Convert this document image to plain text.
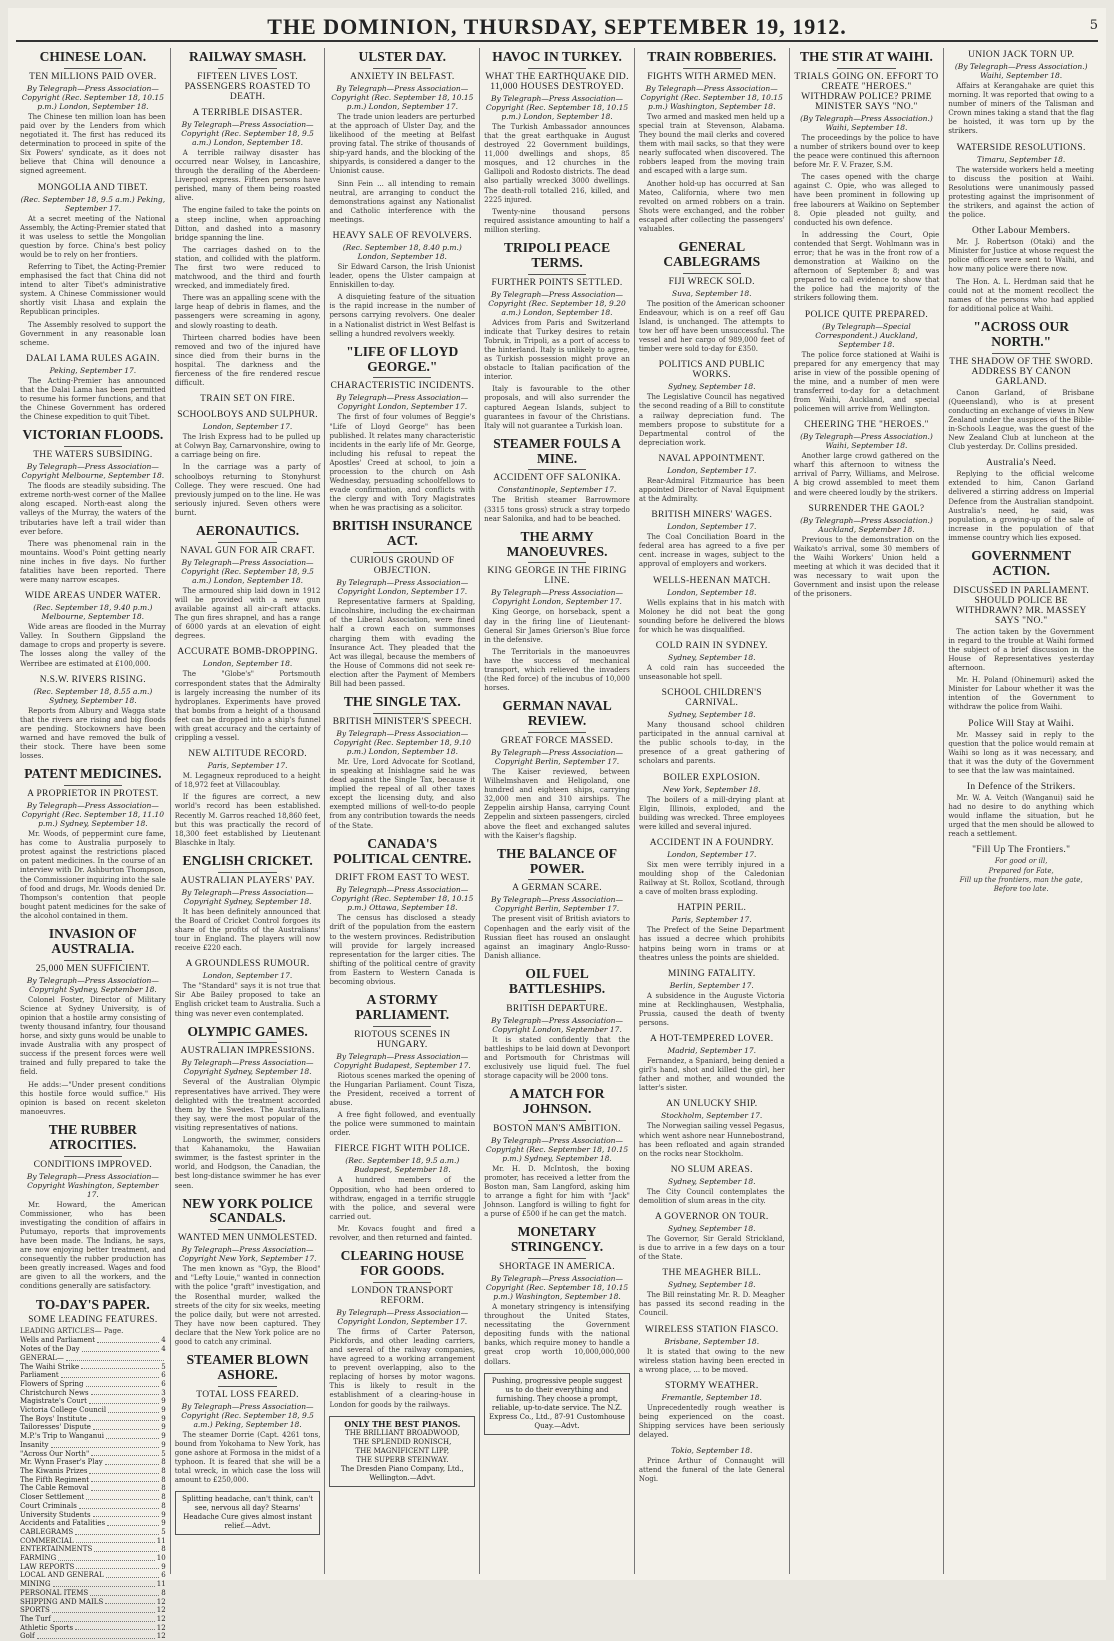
THE DOMINION, THURSDAY, SEPTEMBER 19, 1912.	5
CHINESE LOAN.
TEN MILLIONS PAID OVER.
By Telegraph—Press Association—Copyright (Rec. September 18, 10.15 p.m.) London, September 18.

The Chinese ten million loan has been paid over by the Lenders from which negotiated it. The first has reduced its determination to proceed in spite of the Six Powers' syndicate, as it does not believe that China will denounce a signed agreement.

MONGOLIA AND TIBET.
(Rec. September 18, 9.5 a.m.) Peking, September 17.

At a secret meeting of the National Assembly, the Acting-Premier stated that it was useless to settle the Mongolian question by force. China's best policy would be to rely on her frontiers.

Referring to Tibet, the Acting-Premier emphasised the fact that China did not intend to alter Tibet's administrative system. A Chinese Commissioner would shortly visit Lhasa and explain the Republican principles.

The Assembly resolved to support the Government in any reasonable loan scheme.

DALAI LAMA RULES AGAIN.
Peking, September 17.

The Acting-Premier has announced that the Dalai Lama has been permitted to resume his former functions, and that the Chinese Government has ordered the Chinese expedition to quit Tibet.

VICTORIAN FLOODS.
THE WATERS SUBSIDING.
By Telegraph—Press Association—Copyright Melbourne, September 18.

The floods are steadily subsiding. The extreme north-west corner of the Mallee along escaped. North-east along the valleys of the Murray, the waters of the tributaries have left a trail wider than ever before.

There was phenomenal rain in the mountains. Wood's Point getting nearly nine inches in five days. No further fatalities have been reported. There were many narrow escapes.

WIDE AREAS UNDER WATER.
(Rec. September 18, 9.40 p.m.) Melbourne, September 18.

Wide areas are flooded in the Murray Valley. In Southern Gippsland the damage to crops and property is severe. The losses along the valley of the Werribee are estimated at £100,000.

N.S.W. RIVERS RISING.
(Rec. September 18, 8.55 a.m.) Sydney, September 18.

Reports from Albury and Wagga state that the rivers are rising and big floods are pending. Stockowners have been warned and have removed the bulk of their stock. There have been some losses.

PATENT MEDICINES.
A PROPRIETOR IN PROTEST.
By Telegraph—Press Association—Copyright (Rec. September 18, 11.10 p.m.) Sydney, September 18.

Mr. Woods, of peppermint cure fame, has come to Australia purposely to protest against the restrictions placed on patent medicines. In the course of an interview with Dr. Ashburton Thompson, the Commissioner inquiring into the sale of food and drugs, Mr. Woods denied Dr. Thompson's contention that people bought patent medicines for the sake of the alcohol contained in them.

INVASION OF AUSTRALIA.
25,000 MEN SUFFICIENT.
By Telegraph—Press Association—Copyright Sydney, September 18.

Colonel Foster, Director of Military Science at Sydney University, is of opinion that a hostile army consisting of twenty thousand infantry, four thousand horse, and sixty guns would be unable to invade Australia with any prospect of success if the present forces were well trained and fully prepared to take the field.

He adds:—"Under present conditions this hostile force would suffice." His opinion is based on recent skeleton manoeuvres.

THE RUBBER ATROCITIES.
CONDITIONS IMPROVED.
By Telegraph—Press Association—Copyright Washington, September 17.

Mr. Howard, the American Commissioner, who has been investigating the condition of affairs in Putumayo, reports that improvements have been made. The Indians, he says, are now enjoying better treatment, and consequently the rubber production has been greatly increased. Wages and food are given to all the workers, and the conditions generally are satisfactory.

TO-DAY'S PAPER.
SOME LEADING FEATURES.
LEADING ARTICLES— Page.
Wells and Parliament	4
Notes of the Day	4
GENERAL—
The Waihi Strike	5
Parliament	6
Flowers of Spring	6
Christchurch News	3
Magistrate's Court	9
Victoria College Council	9
The Boys' Institute	9
Tailoresses' Dispute	9
M.P.'s Trip to Wanganui	9
Insanity	9
"Across Our North"	5
Mr. Wynn Fraser's Play	8
The Kiwanis Prizes	8
The Fifth Regiment	8
The Cable Removal	8
Closer Settlement	8
Court Criminals	8
University Students	9
Accidents and Fatalities	9
CABLEGRAMS	5
COMMERCIAL	11
ENTERTAINMENTS	8
FARMING	10
LAW REPORTS	9
LOCAL AND GENERAL	6
MINING	11
PERSONAL ITEMS	8
SHIPPING AND MAILS	12
SPORTS	12
The Turf	12
Athletic Sports	12
Golf	12
RAILWAY SMASH.
FIFTEEN LIVES LOST. PASSENGERS ROASTED TO DEATH.
A TERRIBLE DISASTER.
By Telegraph—Press Association—Copyright (Rec. September 18, 9.5 a.m.) London, September 18.

A terrible railway disaster has occurred near Wolsey, in Lancashire, through the derailing of the Aberdeen-Liverpool express. Fifteen persons have perished, many of them being roasted alive.

The engine failed to take the points on a steep incline, when approaching Ditton, and dashed into a masonry bridge spanning the line.

The carriages dashed on to the station, and collided with the platform. The first two were reduced to matchwood, and the third and fourth wrecked, and immediately fired.

There was an appalling scene with the large heap of debris in flames, and the passengers were screaming in agony, and slowly roasting to death.

Thirteen charred bodies have been removed and two of the injured have since died from their burns in the hospital. The darkness and the fierceness of the fire rendered rescue difficult.

TRAIN SET ON FIRE.
SCHOOLBOYS AND SULPHUR.
London, September 17.

The Irish Express had to be pulled up at Colwyn Bay, Carnarvonshire, owing to a carriage being on fire.

In the carriage was a party of schoolboys returning to Stonyhurst College. They were rescued. One had previously jumped on to the line. He was seriously injured. Seven others were burnt.

AERONAUTICS.
NAVAL GUN FOR AIR CRAFT.
By Telegraph—Press Association—Copyright (Rec. September 18, 9.5 a.m.) London, September 18.

The armoured ship laid down in 1912 will be provided with a new gun available against all air-craft attacks. The gun fires shrapnel, and has a range of 6000 yards at an elevation of eight degrees.

ACCURATE BOMB-DROPPING.
London, September 18.

The "Globe's" Portsmouth correspondent states that the Admiralty is largely increasing the number of its hydroplanes. Experiments have proved that bombs from a height of a thousand feet can be dropped into a ship's funnel with great accuracy and the certainty of crippling a vessel.

NEW ALTITUDE RECORD.
Paris, September 17.

M. Legagneux reproduced to a height of 18,972 feet at Villacoublay.

If the figures are correct, a new world's record has been established. Recently M. Garros reached 18,860 feet, but this was practically the record of 18,300 feet established by Lieutenant Blaschke in Italy.

ENGLISH CRICKET.
AUSTRALIAN PLAYERS' PAY.
By Telegraph—Press Association—Copyright Sydney, September 18.

It has been definitely announced that the Board of Cricket Control forgoes its share of the profits of the Australians' tour in England. The players will now receive £220 each.

A GROUNDLESS RUMOUR.
London, September 17.

The "Standard" says it is not true that Sir Abe Bailey proposed to take an English cricket team to Australia. Such a thing was never even contemplated.

OLYMPIC GAMES.
AUSTRALIAN IMPRESSIONS.
By Telegraph—Press Association—Copyright Sydney, September 18.

Several of the Australian Olympic representatives have arrived. They were delighted with the treatment accorded them by the Swedes. The Australians, they say, were the most popular of the visiting representatives of nations.

Longworth, the swimmer, considers that Kahanamoku, the Hawaiian swimmer, is the fastest sprinter in the world, and Hodgson, the Canadian, the best long-distance swimmer he has ever seen.

NEW YORK POLICE SCANDALS.
WANTED MEN UNMOLESTED.
By Telegraph—Press Association—Copyright New York, September 17.

The men known as "Gyp, the Blood" and "Lefty Louie," wanted in connection with the police "graft" investigation, and the Rosenthal murder, walked the streets of the city for six weeks, meeting the police daily, but were not arrested. They have now been captured. They declare that the New York police are no good to catch any criminal.

STEAMER BLOWN ASHORE.
TOTAL LOSS FEARED.
By Telegraph—Press Association—Copyright (Rec. September 18, 9.5 a.m.) Peking, September 18.

The steamer Dorrie (Capt. 4261 tons, bound from Yokohama to New York, has gone ashore at Formosa in the midst of a typhoon. It is feared that she will be a total wreck, in which case the loss will amount to £250,000.

Splitting headache, can't think, can't see, nervous all day? Stearns' Headache Cure gives almost instant relief.—Advt.
ULSTER DAY.
ANXIETY IN BELFAST.
By Telegraph—Press Association—Copyright (Rec. September 18, 10.15 p.m.) London, September 17.

The trade union leaders are perturbed at the approach of Ulster Day, and the likelihood of the meeting at Belfast proving fatal. The strike of thousands of ship-yard hands, and the blocking of the shipyards, is considered a danger to the Unionist cause.

Sinn Fein ... all intending to remain neutral, are arranging to conduct the demonstrations against any Nationalist and Catholic interference with the meetings.

HEAVY SALE OF REVOLVERS.
(Rec. September 18, 8.40 p.m.) London, September 18.

Sir Edward Carson, the Irish Unionist leader, opens the Ulster campaign at Enniskillen to-day.

A disquieting feature of the situation is the rapid increase in the number of persons carrying revolvers. One dealer in a Nationalist district in West Belfast is selling a hundred revolvers weekly.

"LIFE OF LLOYD GEORGE."
CHARACTERISTIC INCIDENTS.
By Telegraph—Press Association—Copyright London, September 17.

The first of four volumes of Beggie's "Life of Lloyd George" has been published. It relates many characteristic incidents in the early life of Mr. George, including his refusal to repeat the Apostles' Creed at school, to join a procession to the church on Ash Wednesday, persuading schoolfellows to evade confirmation, and conflicts with the clergy and with Tory Magistrates when he was practising as a solicitor.

BRITISH INSURANCE ACT.
CURIOUS GROUND OF OBJECTION.
By Telegraph—Press Association—Copyright London, September 17.

Representative farmers at Spalding, Lincolnshire, including the ex-chairman of the Liberal Association, were fined half a crown each on summonses charging them with evading the Insurance Act. They pleaded that the Act was illegal, because the members of the House of Commons did not seek re-election after the Payment of Members Bill had been passed.

THE SINGLE TAX.
BRITISH MINISTER'S SPEECH.
By Telegraph—Press Association—Copyright (Rec. September 18, 9.10 p.m.) London, September 18.

Mr. Ure, Lord Advocate for Scotland, in speaking at Inishlagne said he was dead against the Single Tax, because it implied the repeal of all other taxes except the licensing duty, and also exempted millions of well-to-do people from any contribution towards the needs of the State.

CANADA'S POLITICAL CENTRE.
DRIFT FROM EAST TO WEST.
By Telegraph—Press Association—Copyright (Rec. September 18, 10.15 p.m.) Ottawa, September 18.

The census has disclosed a steady drift of the population from the eastern to the western provinces. Redistribution will provide for largely increased representation for the larger cities. The shifting of the political centre of gravity from Eastern to Western Canada is becoming obvious.

A STORMY PARLIAMENT.
RIOTOUS SCENES IN HUNGARY.
By Telegraph—Press Association—Copyright Budapest, September 17.

Riotous scenes marked the opening of the Hungarian Parliament. Count Tisza, the President, received a torrent of abuse.

A free fight followed, and eventually the police were summoned to maintain order.

FIERCE FIGHT WITH POLICE.
(Rec. September 18, 9.5 a.m.) Budapest, September 18.

A hundred members of the Opposition, who had been ordered to withdraw, engaged in a terrific struggle with the police, and several were carried out.

Mr. Kovacs fought and fired a revolver, and then returned and fainted.

CLEARING HOUSE FOR GOODS.
LONDON TRANSPORT REFORM.
By Telegraph—Press Association—Copyright London, September 17.

The firms of Carter Paterson, Pickfords, and other leading carriers, and several of the railway companies, have agreed to a working arrangement to prevent overlapping, also to the replacing of horses by motor wagons. This is likely to result in the establishment of a clearing-house in London for goods by the railways.

ONLY THE BEST PIANOS.
THE BRILLIANT BROADWOOD,
THE SPLENDID RONISCH,
THE MAGNIFICENT LIPP,
THE SUPERB STEINWAY.
The Dresden Piano Company, Ltd., Wellington.—Advt.
HAVOC IN TURKEY.
WHAT THE EARTHQUAKE DID. 11,000 HOUSES DESTROYED.
By Telegraph—Press Association—Copyright (Rec. September 18, 10.15 p.m.) London, September 18.

The Turkish Ambassador announces that the great earthquake in August destroyed 22 Government buildings, 11,000 dwellings and shops, 85 mosques, and 12 churches in the Gallipoli and Rodosto districts. The dead also partially wrecked 3000 dwellings. The death-roll totalled 216, killed, and 2225 injured.

Twenty-nine thousand persons required assistance amounting to half a million sterling.

TRIPOLI PEACE TERMS.
FURTHER POINTS SETTLED.
By Telegraph—Press Association—Copyright (Rec. September 18, 9.20 a.m.) London, September 18.

Advices from Paris and Switzerland indicate that Turkey desires to retain Tobruk, in Tripoli, as a port of access to the hinterland. Italy is unlikely to agree, as Turkish possession might prove an obstacle to Italian pacification of the interior.

Italy is favourable to the other proposals, and will also surrender the captured Aegean Islands, subject to guarantees in favour of the Christians. Italy will not guarantee a Turkish loan.

STEAMER FOULS A MINE.
ACCIDENT OFF SALONIKA.
Constantinople, September 17.

The British steamer Barrowmore (3315 tons gross) struck a stray torpedo near Salonika, and had to be beached.

THE ARMY MANOEUVRES.
KING GEORGE IN THE FIRING LINE.
By Telegraph—Press Association—Copyright London, September 17.

King George, on horseback, spent a day in the firing line of Lieutenant-General Sir James Grierson's Blue force in the defensive.

The Territorials in the manoeuvres have the success of mechanical transport, which relieved the invaders (the Red force) of the incubus of 10,000 horses.

GERMAN NAVAL REVIEW.
GREAT FORCE MASSED.
By Telegraph—Press Association—Copyright Berlin, September 17.

The Kaiser reviewed, between Wilhelmshaven and Heligoland, one hundred and eighteen ships, carrying 32,000 men and 310 airships. The Zeppelin airship Hansa, carrying Count Zeppelin and sixteen passengers, circled above the fleet and exchanged salutes with the Kaiser's flagship.

THE BALANCE OF POWER.
A GERMAN SCARE.
By Telegraph—Press Association—Copyright Berlin, September 17.

The present visit of British aviators to Copenhagen and the early visit of the Russian fleet has roused an onslaught against an imaginary Anglo-Russo-Danish alliance.

OIL FUEL BATTLESHIPS.
BRITISH DEPARTURE.
By Telegraph—Press Association—Copyright London, September 17.

It is stated confidently that the battleships to be laid down at Devonport and Portsmouth for Christmas will exclusively use liquid fuel. The fuel storage capacity will be 2000 tons.

A MATCH FOR JOHNSON.
BOSTON MAN'S AMBITION.
By Telegraph—Press Association—Copyright (Rec. September 18, 10.15 p.m.) Sydney, September 18.

Mr. H. D. McIntosh, the boxing promoter, has received a letter from the Boston man, Sam Langford, asking him to arrange a fight for him with "Jack" Johnson. Langford is willing to fight for a purse of £500 if he can get the match.

MONETARY STRINGENCY.
SHORTAGE IN AMERICA.
By Telegraph—Press Association—Copyright (Rec. September 18, 10.15 p.m.) Washington, September 18.

A monetary stringency is intensifying throughout the United States, necessitating the Government depositing funds with the national banks, which require money to handle a great crop worth 10,000,000,000 dollars.

Pushing, progressive people suggest us to do their everything and furnishing. They choose a prompt, reliable, up-to-date service. The N.Z. Express Co., Ltd., 87-91 Customhouse Quay.—Advt.
TRAIN ROBBERIES.
FIGHTS WITH ARMED MEN.
By Telegraph—Press Association—Copyright (Rec. September 18, 10.15 p.m.) Washington, September 18.

Two armed and masked men held up a special train at Stevenson, Alabama. They bound the mail clerks and covered them with mail sacks, so that they were nearly suffocated when discovered. The robbers leaped from the moving train and escaped with a large sum.

Another hold-up has occurred at San Mateo, California, where two men revolted on armed robbers on a train. Shots were exchanged, and the robber escaped after collecting the passengers' valuables.

GENERAL CABLEGRAMS
FIJI WRECK SOLD.
Suva, September 18.

The position of the American schooner Endeavour, which is on a reef off Gau Island, is unchanged. The attempts to tow her off have been unsuccessful. The vessel and her cargo of 989,000 feet of timber were sold to-day for £350.

POLITICS AND PUBLIC WORKS.
Sydney, September 18.

The Legislative Council has negatived the second reading of a Bill to constitute a railway depreciation fund. The members propose to substitute for a Departmental control of the depreciation work.

NAVAL APPOINTMENT.
London, September 17.

Rear-Admiral Fitzmaurice has been appointed Director of Naval Equipment at the Admiralty.

BRITISH MINERS' WAGES.
London, September 17.

The Coal Conciliation Board in the federal area has agreed to a five per cent. increase in wages, subject to the approval of employers and workers.

WELLS-HEENAN MATCH.
London, September 18.

Wells explains that in his match with Moloney he did not beat the gong sounding before he delivered the blows for which he was disqualified.

COLD RAIN IN SYDNEY.
Sydney, September 18.

A cold rain has succeeded the unseasonable hot spell.

SCHOOL CHILDREN'S CARNIVAL.
Sydney, September 18.

Many thousand school children participated in the annual carnival at the public schools to-day, in the presence of a great gathering of scholars and parents.

BOILER EXPLOSION.
New York, September 18.

The boilers of a mill-drying plant at Elgin, Illinois, exploded, and the building was wrecked. Three employees were killed and several injured.

ACCIDENT IN A FOUNDRY.
London, September 17.

Six men were terribly injured in a moulding shop of the Caledonian Railway at St. Rollox, Scotland, through a cave of molten brass exploding.

HATPIN PERIL.
Paris, September 17.

The Prefect of the Seine Department has issued a decree which prohibits hatpins being worn in trams or at theatres unless the points are shielded.

MINING FATALITY.
Berlin, September 17.

A subsidence in the Auguste Victoria mine at Recklinghausen, Westphalia, Prussia, caused the death of twenty persons.

A HOT-TEMPERED LOVER.
Madrid, September 17.

Fernandez, a Spaniard, being denied a girl's hand, shot and killed the girl, her father and mother, and wounded the latter's sister.

AN UNLUCKY SHIP.
Stockholm, September 17.

The Norwegian sailing vessel Pegasus, which went ashore near Hunnebostrand, has been refloated and again stranded on the rocks near Stockholm.

NO SLUM AREAS.
Sydney, September 18.

The City Council contemplates the demolition of slum areas in the city.

A GOVERNOR ON TOUR.
Sydney, September 18.

The Governor, Sir Gerald Strickland, is due to arrive in a few days on a tour of the State.

THE MEAGHER BILL.
Sydney, September 18.

The Bill reinstating Mr. R. D. Meagher has passed its second reading in the Council.

WIRELESS STATION FIASCO.
Brisbane, September 18.

It is stated that owing to the new wireless station having been erected in a wrong place, ... to be moved.

STORMY WEATHER.
Fremantle, September 18.

Unprecedentedly rough weather is being experienced on the coast. Shipping services have been seriously delayed.

Tokio, September 18.

Prince Arthur of Connaught will attend the funeral of the late General Nogi.

THE STIR AT WAIHI.
TRIALS GOING ON. EFFORT TO CREATE "HEROES." WITHDRAW POLICE? PRIME MINISTER SAYS "NO."
(By Telegraph—Press Association.) Waihi, September 18.

The proceedings by the police to have a number of strikers bound over to keep the peace were continued this afternoon before Mr. F. V. Frazer, S.M.

The cases opened with the charge against C. Opie, who was alleged to have been prominent in following up free labourers at Waikino on September 8. Opie pleaded not guilty, and conducted his own defence.

In addressing the Court, Opie contended that Sergt. Wohlmann was in error; that he was in the front row of a demonstration at Waikino on the afternoon of September 8; and was prepared to call evidence to show that the police had the majority of the strikers following them.

POLICE QUITE PREPARED.
(By Telegraph—Special Correspondent.) Auckland, September 18.

The police force stationed at Waihi is prepared for any emergency that may arise in view of the possible opening of the mine, and a number of men were transferred to-day for a detachment from Waihi, Auckland, and special policemen will arrive from Wellington.

CHEERING THE "HEROES."
(By Telegraph—Press Association.) Waihi, September 18.

Another large crowd gathered on the wharf this afternoon to witness the arrival of Parry, Williams, and Melrose. A big crowd assembled to meet them and were cheered loudly by the strikers.

SURRENDER THE GAOL?
(By Telegraph—Press Association.) Auckland, September 18.

Previous to the demonstration on the Waikato's arrival, some 30 members of the Waihi Workers' Union held a meeting at which it was decided that it was necessary to wait upon the Government and insist upon the release of the prisoners.

UNION JACK TORN UP.
(By Telegraph—Press Association.) Waihi, September 18.

Affairs at Kerangahake are quiet this morning. It was reported that owing to a number of miners of the Talisman and Crown mines taking a stand that the flag be hoisted, it was torn up by the strikers.

WATERSIDE RESOLUTIONS.
Timaru, September 18.

The waterside workers held a meeting to discuss the position at Waihi. Resolutions were unanimously passed protesting against the imprisonment of the strikers, and against the action of the police.

Other Labour Members.

Mr. J. Robertson (Otaki) and the Minister for Justice at whose request the police officers were sent to Waihi, and how many police were there now.

The Hon. A. L. Herdman said that he could not at the moment recollect the names of the persons who had applied for additional police at Waihi.

"ACROSS OUR NORTH."
THE SHADOW OF THE SWORD. ADDRESS BY CANON GARLAND.

Canon Garland, of Brisbane (Queensland), who is at present conducting an exchange of views in New Zealand under the auspices of the Bible-in-Schools League, was the guest of the New Zealand Club at luncheon at the Club yesterday. Dr. Collins presided.

Australia's Need.

Replying to the official welcome extended to him, Canon Garland delivered a stirring address on Imperial Defence from the Australian standpoint. Australia's need, he said, was population, a growing-up of the sale of increase in the population of that immense country which lies exposed.

GOVERNMENT ACTION.
DISCUSSED IN PARLIAMENT. SHOULD POLICE BE WITHDRAWN? MR. MASSEY SAYS "NO."

The action taken by the Government in regard to the trouble at Waihi formed the subject of a brief discussion in the House of Representatives yesterday afternoon.

Mr. H. Poland (Ohinemuri) asked the Minister for Labour whether it was the intention of the Government to withdraw the police from Waihi.

Police Will Stay at Waihi.

Mr. Massey said in reply to the question that the police would remain at Waihi so long as it was necessary, and that it was the duty of the Government to see that the law was maintained.

In Defence of the Strikers.

Mr. W. A. Veitch (Wanganui) said he had no desire to do anything which would inflame the situation, but he urged that the men should be allowed to reach a settlement.

"Fill Up The Frontiers."
For good or ill,
Prepared for Fate,
Fill up the frontiers, man the gate,
Before too late.
